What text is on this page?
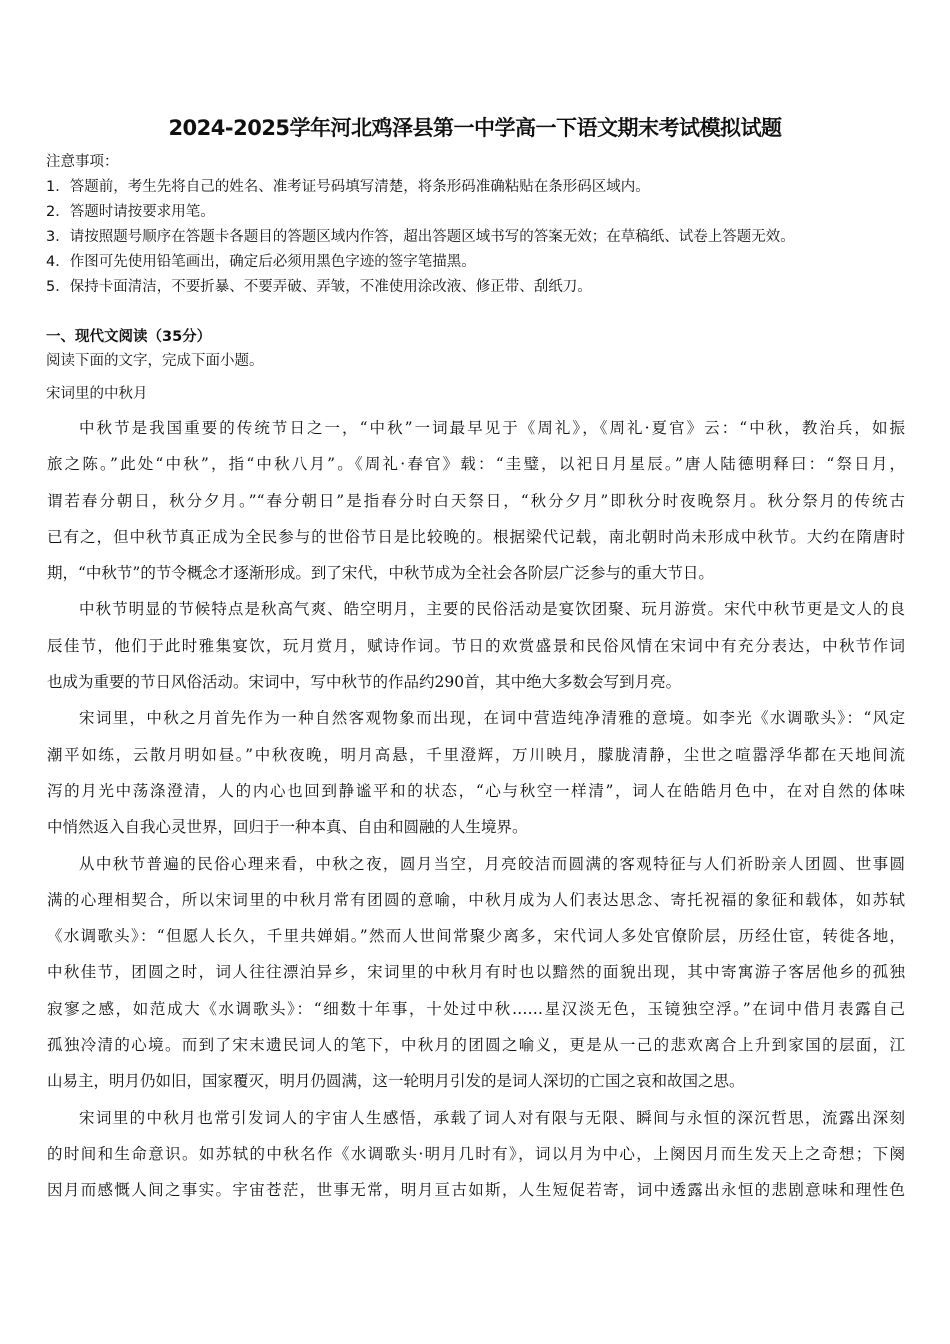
2024-2025学年河北鸡泽县第一中学高一下语文期末考试模拟试题
注意事项：
1．答题前，考生先将自己的姓名、准考证号码填写清楚，将条形码准确粘贴在条形码区域内。
2．答题时请按要求用笔。
3．请按照题号顺序在答题卡各题目的答题区域内作答，超出答题区域书写的答案无效；在草稿纸、试卷上答题无效。
4．作图可先使用铅笔画出，确定后必须用黑色字迹的签字笔描黑。
5．保持卡面清洁，不要折暴、不要弄破、弄皱，不准使用涂改液、修正带、刮纸刀。
一、现代文阅读（35分）
阅读下面的文字，完成下面小题。
宋词里的中秋月
中秋节是我国重要的传统节日之一，“中秋”一词最早见于《周礼》，《周礼·夏官》云：“中秋，教治兵，如振
旅之陈。”此处“中秋”，指“中秋八月”。《周礼·春官》载：“圭璧，以祀日月星辰。”唐人陆德明释曰：“祭日月，
谓若春分朝日，秋分夕月。”“春分朝日”是指春分时白天祭日，“秋分夕月”即秋分时夜晚祭月。秋分祭月的传统古
已有之，但中秋节真正成为全民参与的世俗节日是比较晚的。根据梁代记载，南北朝时尚未形成中秋节。大约在隋唐时
期，“中秋节”的节令概念才逐渐形成。到了宋代，中秋节成为全社会各阶层广泛参与的重大节日。
中秋节明显的节候特点是秋高气爽、皓空明月，主要的民俗活动是宴饮团聚、玩月游赏。宋代中秋节更是文人的良
辰佳节，他们于此时雅集宴饮，玩月赏月，赋诗作词。节日的欢赏盛景和民俗风情在宋词中有充分表达，中秋节作词
也成为重要的节日风俗活动。宋词中，写中秋节的作品约290首，其中绝大多数会写到月亮。
宋词里，中秋之月首先作为一种自然客观物象而出现，在词中营造纯净清雅的意境。如李光《水调歌头》：“风定
潮平如练，云散月明如昼。”中秋夜晚，明月高悬，千里澄辉，万川映月，朦胧清静，尘世之喧嚣浮华都在天地间流
泻的月光中荡涤澄清，人的内心也回到静谧平和的状态，“心与秋空一样清”，词人在皓皓月色中，在对自然的体味
中悄然返入自我心灵世界，回归于一种本真、自由和圆融的人生境界。
从中秋节普遍的民俗心理来看，中秋之夜，圆月当空，月亮皎洁而圆满的客观特征与人们祈盼亲人团圆、世事圆
满的心理相契合，所以宋词里的中秋月常有团圆的意喻，中秋月成为人们表达思念、寄托祝福的象征和载体，如苏轼
《水调歌头》：“但愿人长久，千里共婵娟。”然而人世间常聚少离多，宋代词人多处官僚阶层，历经仕宦，转徙各地，
中秋佳节，团圆之时，词人往往漂泊异乡，宋词里的中秋月有时也以黯然的面貌出现，其中寄寓游子客居他乡的孤独
寂寥之感，如范成大《水调歌头》：“细数十年事，十处过中秋……星汉淡无色，玉镜独空浮。”在词中借月表露自己
孤独冷清的心境。而到了宋末遗民词人的笔下，中秋月的团圆之喻义，更是从一己的悲欢离合上升到家国的层面，江
山易主，明月仍如旧，国家覆灭，明月仍圆满，这一轮明月引发的是词人深切的亡国之哀和故国之思。
宋词里的中秋月也常引发词人的宇宙人生感悟，承载了词人对有限与无限、瞬间与永恒的深沉哲思，流露出深刻
的时间和生命意识。如苏轼的中秋名作《水调歌头·明月几时有》，词以月为中心，上阕因月而生发天上之奇想；下阕
因月而感慨人间之事实。宇宙苍茫，世事无常，明月亘古如斯，人生短促若寄，词中透露出永恒的悲剧意味和理性色
